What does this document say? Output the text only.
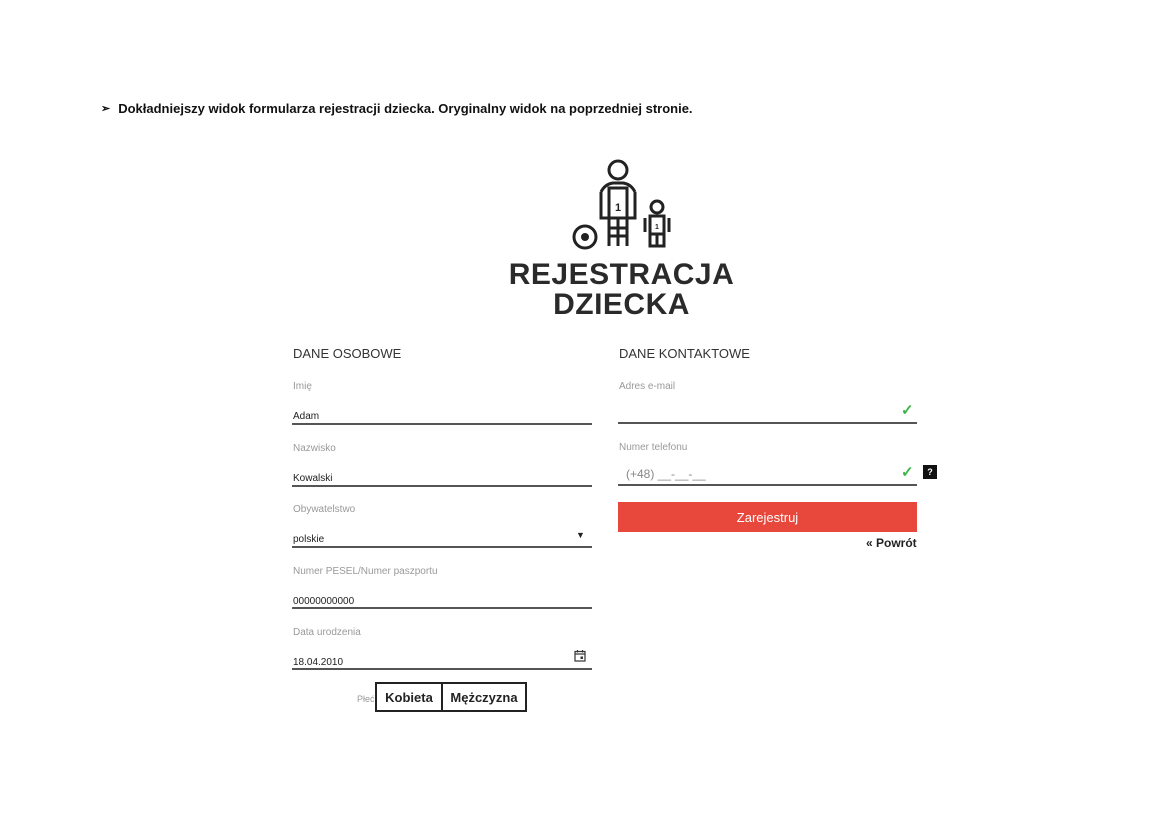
➢ Dokładniejszy widok formularza rejestracji dziecka. Oryginalny widok na poprzedniej stronie.
1
1
REJESTRACJA
DZIECKA
DANE OSOBOWE
Imię
Adam
Nazwisko
Kowalski
Obywatelstwo
polskie	▼
Numer PESEL/Numer paszportu
00000000000
Data urodzenia
18.04.2010
Płeć Kobieta	Mężczyzna
DANE KONTAKTOWE
Adres e-mail
✓
Numer telefonu
(+48) __-__-__	✓	?
Zarejestruj
« Powrót
